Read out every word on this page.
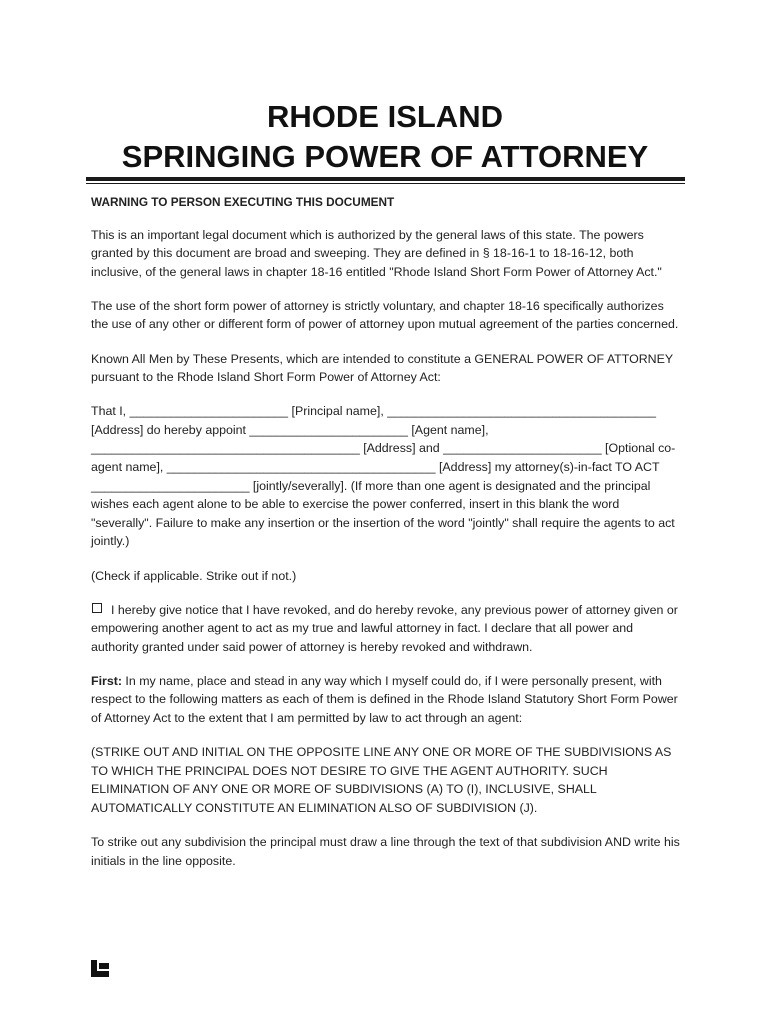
RHODE ISLAND
SPRINGING POWER OF ATTORNEY

WARNING TO PERSON EXECUTING THIS DOCUMENT

This is an important legal document which is authorized by the general laws of this state. The powers granted by this document are broad and sweeping. They are defined in § 18-16-1 to 18-16-12, both inclusive, of the general laws in chapter 18-16 entitled "Rhode Island Short Form Power of Attorney Act."

The use of the short form power of attorney is strictly voluntary, and chapter 18-16 specifically authorizes the use of any other or different form of power of attorney upon mutual agreement of the parties concerned.

Known All Men by These Presents, which are intended to constitute a GENERAL POWER OF ATTORNEY pursuant to the Rhode Island Short Form Power of Attorney Act:

That I, _______________________ [Principal name], _______________________________________ [Address] do hereby appoint _______________________ [Agent name], _______________________________________ [Address] and _______________________ [Optional co-agent name], _______________________________________ [Address] my attorney(s)-in-fact TO ACT _______________________ [jointly/severally]. (If more than one agent is designated and the principal wishes each agent alone to be able to exercise the power conferred, insert in this blank the word "severally". Failure to make any insertion or the insertion of the word "jointly" shall require the agents to act jointly.)

(Check if applicable. Strike out if not.)

I hereby give notice that I have revoked, and do hereby revoke, any previous power of attorney given or empowering another agent to act as my true and lawful attorney in fact. I declare that all power and authority granted under said power of attorney is hereby revoked and withdrawn.

First: In my name, place and stead in any way which I myself could do, if I were personally present, with respect to the following matters as each of them is defined in the Rhode Island Statutory Short Form Power of Attorney Act to the extent that I am permitted by law to act through an agent:

(STRIKE OUT AND INITIAL ON THE OPPOSITE LINE ANY ONE OR MORE OF THE SUBDIVISIONS AS TO WHICH THE PRINCIPAL DOES NOT DESIRE TO GIVE THE AGENT AUTHORITY. SUCH ELIMINATION OF ANY ONE OR MORE OF SUBDIVISIONS (A) TO (I), INCLUSIVE, SHALL AUTOMATICALLY CONSTITUTE AN ELIMINATION ALSO OF SUBDIVISION (J).

To strike out any subdivision the principal must draw a line through the text of that subdivision AND write his initials in the line opposite.
